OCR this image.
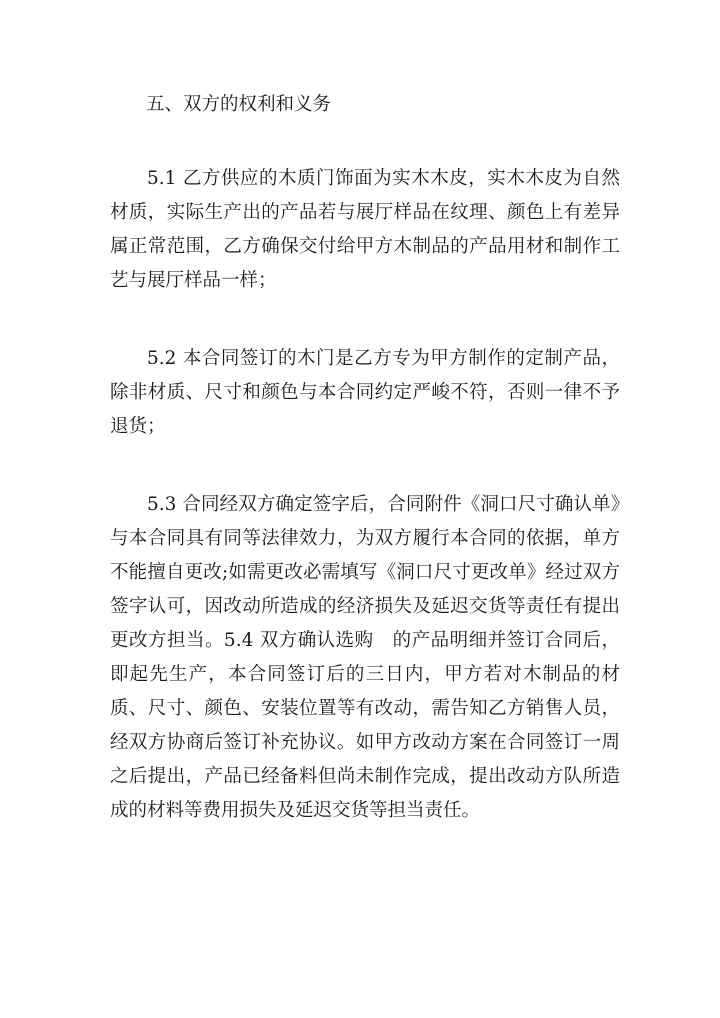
五、双方的权利和义务

5.1 乙方供应的木质门饰面为实木木皮，实木木皮为自然材质，实际生产出的产品若与展厅样品在纹理、颜色上有差异属正常范围，乙方确保交付给甲方木制品的产品用材和制作工艺与展厅样品一样；

5.2 本合同签订的木门是乙方专为甲方制作的定制产品，除非材质、尺寸和颜色与本合同约定严峻不符，否则一律不予退货；

5.3 合同经双方确定签字后，合同附件《洞口尺寸确认单》与本合同具有同等法律效力，为双方履行本合同的依据，单方不能擅自更改;如需更改必需填写《洞口尺寸更改单》经过双方签字认可，因改动所造成的经济损失及延迟交货等责任有提出更改方担当。5.4 双方确认选购　的产品明细并签订合同后，即起先生产，本合同签订后的三日内，甲方若对木制品的材质、尺寸、颜色、安装位置等有改动，需告知乙方销售人员，经双方协商后签订补充协议。如甲方改动方案在合同签订一周之后提出，产品已经备料但尚未制作完成，提出改动方队所造成的材料等费用损失及延迟交货等担当责任。
